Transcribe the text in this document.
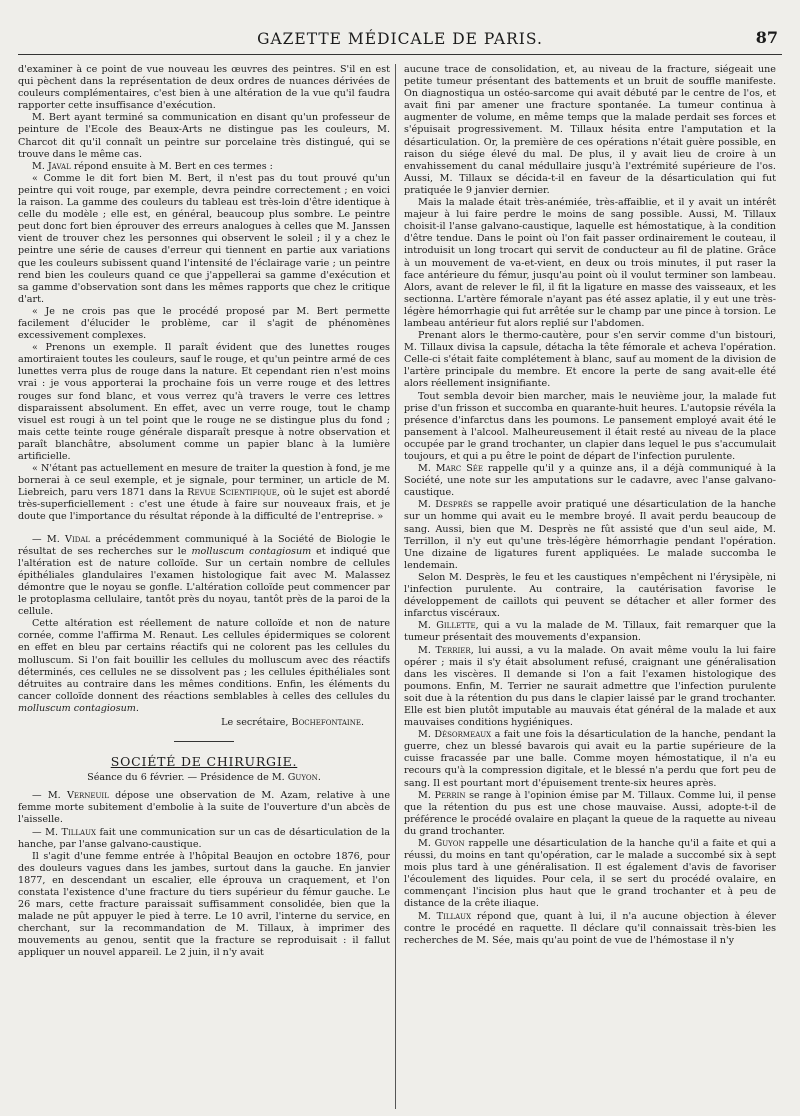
GAZETTE MÉDICALE DE PARIS.	87

d'examiner à ce point de vue nouveau les œuvres des peintres. S'il en est qui pèchent dans la représentation de deux ordres de nuances dérivées de couleurs complémentaires, c'est bien à une altération de la vue qu'il faudra rapporter cette insuffisance d'exécution.

M. Bert ayant terminé sa communication en disant qu'un professeur de peinture de l'Ecole des Beaux-Arts ne distingue pas les couleurs, M. Charcot dit qu'il connaît un peintre sur porcelaine très distingué, qui se trouve dans le même cas.

M. Javal répond ensuite à M. Bert en ces termes :

« Comme le dit fort bien M. Bert, il n'est pas du tout prouvé qu'un peintre qui voit rouge, par exemple, devra peindre correctement ; en voici la raison. La gamme des couleurs du tableau est très-loin d'être identique à celle du modèle ; elle est, en général, beaucoup plus sombre. Le peintre peut donc fort bien éprouver des erreurs analogues à celles que M. Janssen vient de trouver chez les personnes qui observent le soleil ; il y a chez le peintre une série de causes d'erreur qui tiennent en partie aux variations que les couleurs subissent quand l'intensité de l'éclairage varie ; un peintre rend bien les couleurs quand ce que j'appellerai sa gamme d'exécution et sa gamme d'observation sont dans les mêmes rapports que chez le critique d'art.

« Je ne crois pas que le procédé proposé par M. Bert permette facilement d'élucider le problème, car il s'agit de phénomènes excessivement complexes.

« Prenons un exemple. Il paraît évident que des lunettes rouges amortiraient toutes les couleurs, sauf le rouge, et qu'un peintre armé de ces lunettes verra plus de rouge dans la nature. Et cependant rien n'est moins vrai : je vous apporterai la prochaine fois un verre rouge et des lettres rouges sur fond blanc, et vous verrez qu'à travers le verre ces lettres disparaissent absolument. En effet, avec un verre rouge, tout le champ visuel est rougi à un tel point que le rouge ne se distingue plus du fond ; mais cette teinte rouge générale disparaît presque à notre observation et paraît blanchâtre, absolument comme un papier blanc à la lumière artificielle.

« N'étant pas actuellement en mesure de traiter la question à fond, je me bornerai à ce seul exemple, et je signale, pour terminer, un article de M. Liebreich, paru vers 1871 dans la Revue Scientifique, où le sujet est abordé très-superficiellement : c'est une étude à faire sur nouveaux frais, et je doute que l'importance du résultat réponde à la difficulté de l'entreprise. »

— M. Vidal a précédemment communiqué à la Société de Biologie le résultat de ses recherches sur le molluscum contagiosum et indiqué que l'altération est de nature colloïde. Sur un certain nombre de cellules épithéliales glandulaires l'examen histologique fait avec M. Malassez démontre que le noyau se gonfle. L'altération colloïde peut commencer par le protoplasma cellulaire, tantôt près du noyau, tantôt près de la paroi de la cellule.

Cette altération est réellement de nature colloïde et non de nature cornée, comme l'affirma M. Renaut. Les cellules épidermiques se colorent en effet en bleu par certains réactifs qui ne colorent pas les cellules du molluscum. Si l'on fait bouillir les cellules du molluscum avec des réactifs déterminés, ces cellules ne se dissolvent pas ; les cellules épithéliales sont détruites au contraire dans les mêmes conditions. Enfin, les éléments du cancer colloïde donnent des réactions semblables à celles des cellules du molluscum contagiosum.

Le secrétaire, Bochefontaine.

SOCIÉTÉ DE CHIRURGIE.
Séance du 6 février. — Présidence de M. Guyon.

— M. Verneuil dépose une observation de M. Azam, relative à une femme morte subitement d'embolie à la suite de l'ouverture d'un abcès de l'aisselle.

— M. Tillaux fait une communication sur un cas de désarticulation de la hanche, par l'anse galvano-caustique.

Il s'agit d'une femme entrée à l'hôpital Beaujon en octobre 1876, pour des douleurs vagues dans les jambes, surtout dans la gauche. En janvier 1877, en descendant un escalier, elle éprouva un craquement, et l'on constata l'existence d'une fracture du tiers supérieur du fémur gauche. Le 26 mars, cette fracture paraissait suffisamment consolidée, bien que la malade ne pût appuyer le pied à terre. Le 10 avril, l'interne du service, en cherchant, sur la recommandation de M. Tillaux, à imprimer des mouvements au genou, sentit que la fracture se reproduisait : il fallut appliquer un nouvel appareil. Le 2 juin, il n'y avait

aucune trace de consolidation, et, au niveau de la fracture, siégeait une petite tumeur présentant des battements et un bruit de souffle manifeste. On diagnostiqua un ostéo-sarcome qui avait débuté par le centre de l'os, et avait fini par amener une fracture spontanée. La tumeur continua à augmenter de volume, en même temps que la malade perdait ses forces et s'épuisait progressivement. M. Tillaux hésita entre l'amputation et la désarticulation. Or, la première de ces opérations n'était guère possible, en raison du siége élevé du mal. De plus, il y avait lieu de croire à un envahissement du canal médullaire jusqu'à l'extrémité supérieure de l'os. Aussi, M. Tillaux se décida-t-il en faveur de la désarticulation qui fut pratiquée le 9 janvier dernier.

Mais la malade était très-anémiée, très-affaiblie, et il y avait un intérêt majeur à lui faire perdre le moins de sang possible. Aussi, M. Tillaux choisit-il l'anse galvano-caustique, laquelle est hémostatique, à la condition d'être tendue. Dans le point où l'on fait passer ordinairement le couteau, il introduisit un long trocart qui servit de conducteur au fil de platine. Grâce à un mouvement de va-et-vient, en deux ou trois minutes, il put raser la face antérieure du fémur, jusqu'au point où il voulut terminer son lambeau. Alors, avant de relever le fil, il fit la ligature en masse des vaisseaux, et les sectionna. L'artère fémorale n'ayant pas été assez aplatie, il y eut une très-légère hémorrhagie qui fut arrêtée sur le champ par une pince à torsion. Le lambeau antérieur fut alors replié sur l'abdomen.

Prenant alors le thermo-cautère, pour s'en servir comme d'un bistouri, M. Tillaux divisa la capsule, détacha la tête fémorale et acheva l'opération. Celle-ci s'était faite complétement à blanc, sauf au moment de la division de l'artère principale du membre. Et encore la perte de sang avait-elle été alors réellement insignifiante.

Tout sembla devoir bien marcher, mais le neuvième jour, la malade fut prise d'un frisson et succomba en quarante-huit heures. L'autopsie révéla la présence d'infarctus dans les poumons. Le pansement employé avait été le pansement à l'alcool. Malheureusement il était resté au niveau de la place occupée par le grand trochanter, un clapier dans lequel le pus s'accumulait toujours, et qui a pu être le point de départ de l'infection purulente.

M. Marc Sée rappelle qu'il y a quinze ans, il a déjà communiqué à la Société, une note sur les amputations sur le cadavre, avec l'anse galvano-caustique.

M. Desprès se rappelle avoir pratiqué une désarticulation de la hanche sur un homme qui avait eu le membre broyé. Il avait perdu beaucoup de sang. Aussi, bien que M. Desprès ne fût assisté que d'un seul aide, M. Terrillon, il n'y eut qu'une très-légère hémorrhagie pendant l'opération. Une dizaine de ligatures furent appliquées. Le malade succomba le lendemain.

Selon M. Desprès, le feu et les caustiques n'empêchent ni l'érysipèle, ni l'infection purulente. Au contraire, la cautérisation favorise le développement de caillots qui peuvent se détacher et aller former des infarctus viscéraux.

M. Gillette, qui a vu la malade de M. Tillaux, fait remarquer que la tumeur présentait des mouvements d'expansion.

M. Terrier, lui aussi, a vu la malade. On avait même voulu la lui faire opérer ; mais il s'y était absolument refusé, craignant une généralisation dans les viscères. Il demande si l'on a fait l'examen histologique des poumons. Enfin, M. Terrier ne saurait admettre que l'infection purulente soit due à la rétention du pus dans le clapier laissé par le grand trochanter. Elle est bien plutôt imputable au mauvais état général de la malade et aux mauvaises conditions hygiéniques.

M. Désormeaux a fait une fois la désarticulation de la hanche, pendant la guerre, chez un blessé bavarois qui avait eu la partie supérieure de la cuisse fracassée par une balle. Comme moyen hémostatique, il n'a eu recours qu'à la compression digitale, et le blessé n'a perdu que fort peu de sang. Il est pourtant mort d'épuisement trente-six heures après.

M. Perrin se range à l'opinion émise par M. Tillaux. Comme lui, il pense que la rétention du pus est une chose mauvaise. Aussi, adopte-t-il de préférence le procédé ovalaire en plaçant la queue de la raquette au niveau du grand trochanter.

M. Guyon rappelle une désarticulation de la hanche qu'il a faite et qui a réussi, du moins en tant qu'opération, car le malade a succombé six à sept mois plus tard à une généralisation. Il est également d'avis de favoriser l'écoulement des liquides. Pour cela, il se sert du procédé ovalaire, en commençant l'incision plus haut que le grand trochanter et à peu de distance de la crête iliaque.

M. Tillaux répond que, quant à lui, il n'a aucune objection à élever contre le procédé en raquette. Il déclare qu'il connaissait très-bien les recherches de M. Sée, mais qu'au point de vue de l'hémostase il n'y
